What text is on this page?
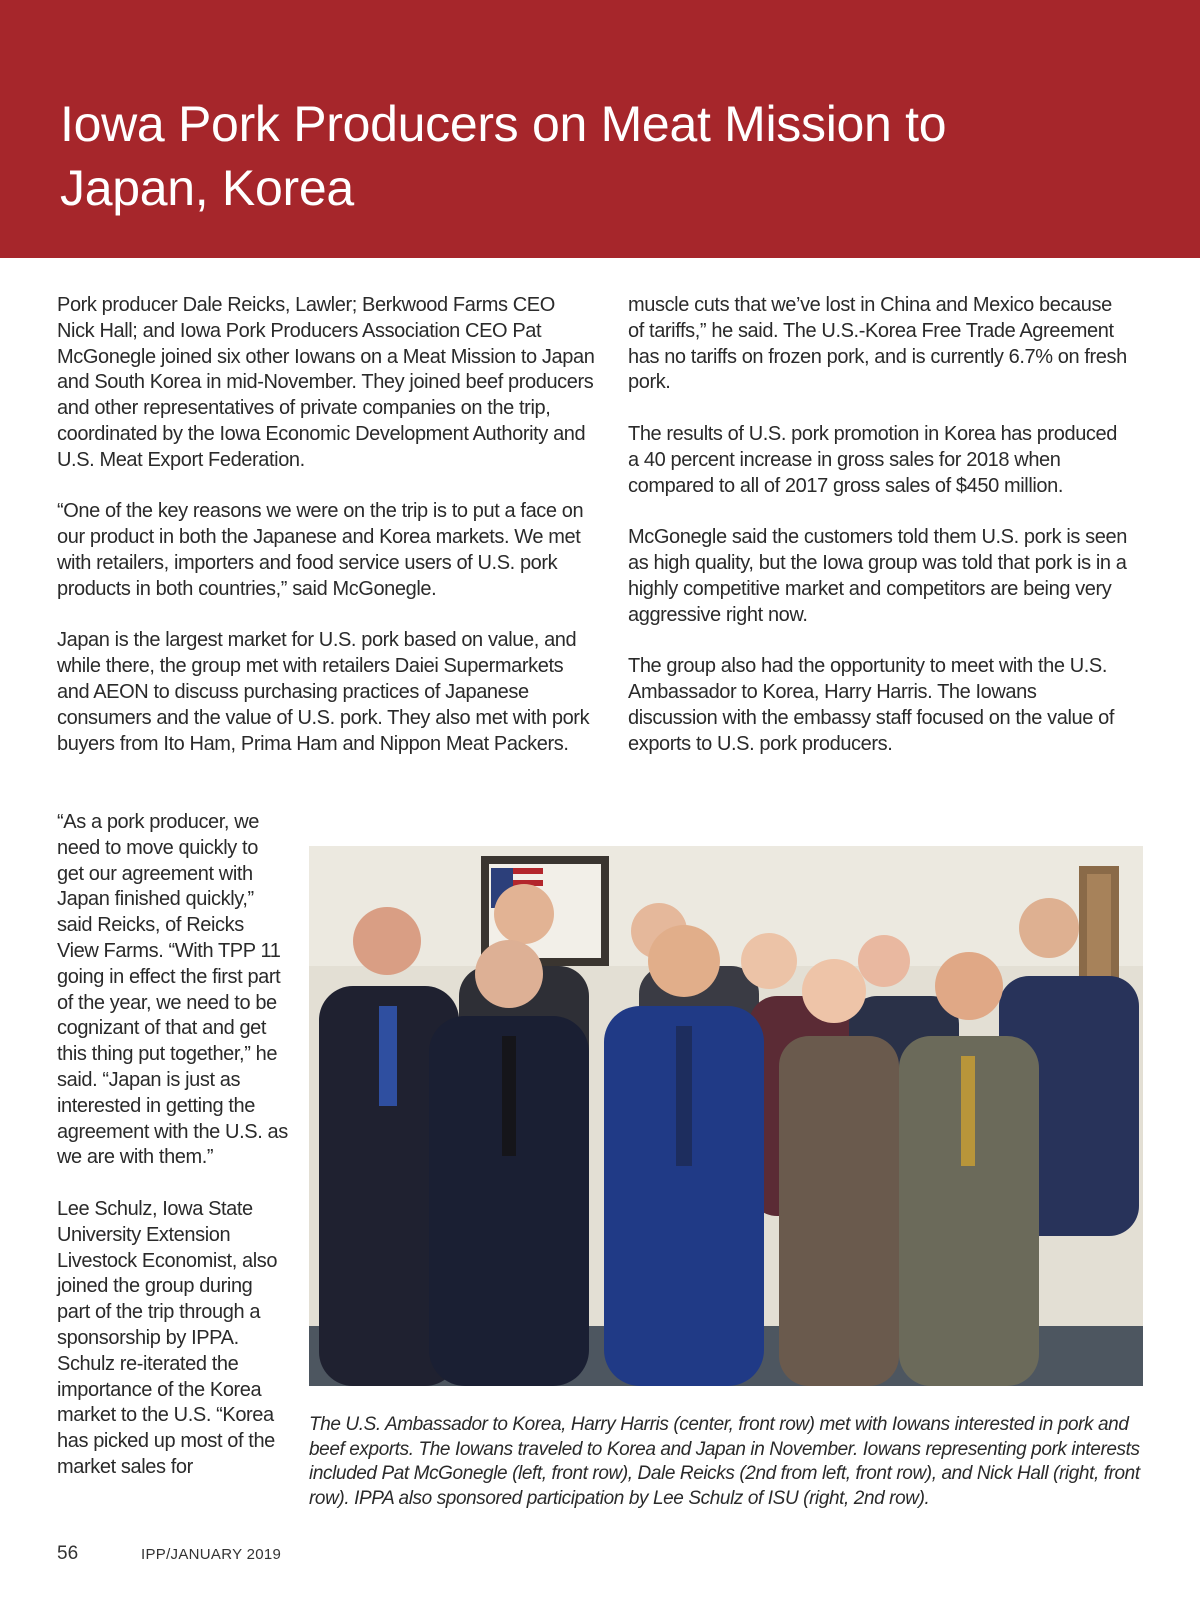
Iowa Pork Producers on Meat Mission to
Japan, Korea

Pork producer Dale Reicks, Lawler; Berkwood Farms CEO Nick Hall; and Iowa Pork Producers Association CEO Pat McGonegle joined six other Iowans on a Meat Mission to Japan and South Korea in mid-November. They joined beef producers and other representatives of private companies on the trip, coordinated by the Iowa Economic Development Authority and U.S. Meat Export Federation.

“One of the key reasons we were on the trip is to put a face on our product in both the Japanese and Korea markets. We met with retailers, importers and food service users of U.S. pork products in both countries,” said McGonegle.

Japan is the largest market for U.S. pork based on value, and while there, the group met with retailers Daiei Supermarkets and AEON to discuss purchasing practices of Japanese consumers and the value of U.S. pork. They also met with pork buyers from Ito Ham, Prima Ham and Nippon Meat Packers.

muscle cuts that we’ve lost in China and Mexico because of tariffs,” he said. The U.S.-Korea Free Trade Agreement has no tariffs on frozen pork, and is currently 6.7% on fresh pork.

The results of U.S. pork promotion in Korea has produced a 40 percent increase in gross sales for 2018 when compared to all of 2017 gross sales of $450 million.

McGonegle said the customers told them U.S. pork is seen as high quality, but the Iowa group was told that pork is in a highly competitive market and competitors are being very aggressive right now.

The group also had the opportunity to meet with the U.S. Ambassador to Korea, Harry Harris. The Iowans discussion with the embassy staff focused on the value of exports to U.S. pork producers.

“As a pork producer, we need to move quickly to get our agreement with Japan finished quickly,” said Reicks, of Reicks View Farms. “With TPP 11 going in effect the first part of the year, we need to be cognizant of that and get this thing put together,” he said. “Japan is just as interested in getting the agreement with the U.S. as we are with them.”

Lee Schulz, Iowa State University Extension Livestock Economist, also joined the group during part of the trip through a sponsorship by IPPA. Schulz re-iterated the importance of the Korea market to the U.S. “Korea has picked up most of the market sales for

The U.S. Ambassador to Korea, Harry Harris (center, front row) met with Iowans interested in pork and beef exports. The Iowans traveled to Korea and Japan in November. Iowans representing pork interests included Pat McGonegle (left, front row), Dale Reicks (2nd from left, front row), and Nick Hall (right, front row). IPPA also sponsored participation by Lee Schulz of ISU (right, 2nd row).
56	IPP/JANUARY 2019
